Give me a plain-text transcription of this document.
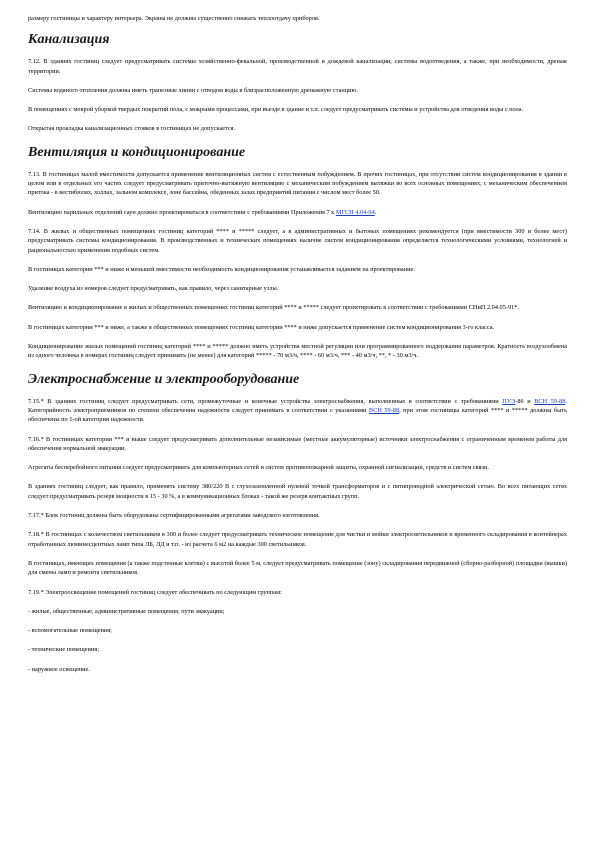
размеру гостиницы и характеру интерьера. Экраны не должны существенно снижать теплоотдачу приборов.

Канализация

7.12. В зданиях гостиниц следует предусматривать системы хозяйственно-фекальной, производственной и дождевой канализации, системы водоотведения, а также, при необходимости, дренаж территории.

Системы водяного отопления должны иметь трапезные линии с отводом воды в близрасположенную дренажную станцию.

В помещениях с мокрой уборкой твердых покрытий пола, с мокрыми процессами, при въезде в здание и т.п. следует предусматривать системы и устройства для отведения воды с пола.

Открытая прокладка канализационных стояков в гостиницах не допускается.

Вентиляция и кондиционирование

7.13. В гостиницах малой вместимости допускается применение вентиляционных систем с естественным побуждением. В прочих гостиницах, при отсутствии систем кондиционирования в здании в целом или в отдельных его частях следует предусматривать приточно-вытяжную вентиляцию с механическим побуждением вытяжки во всех основных помещениях; с механическим обеспечением притока - в вестибюлях, холлах, зальном комплексе, зоне бассейна, обеденных залах предприятий питания с числом мест более 50.

Вентиляцию парильных отделений саун должно проектироваться в соответствии с требованиями Приложения 7 к МГСН 4.04-94.

7.14. В жилых и общественных помещениях гостиниц категорий **** и ***** следует, а в административных и бытовых помещениях рекомендуется (при вместимости 300 и более мест) предусматривать системы кондиционирования. В производственных и технических помещениях наличие систем кондиционирования определяется технологическими условиями, технологией и рациональностью применения подобных систем.

В гостиницах категории *** и ниже и меньшей вместимости необходимость кондиционирования устанавливается заданием на проектирование.

Удаление воздуха из номеров следует предусматривать, как правило, через санитарные узлы.

Вентиляцию и кондиционирование в жилых и общественных помещениях гостиниц категорий **** и ***** следует проектировать в соответствии с требованиями СНиП 2.04.05-91*.

В гостиницах категории *** и ниже, а также в общественных помещениях гостиниц категории **** и ниже допускается применение систем кондиционирования 3-го класса.

Кондиционирование жилых помещений гостиниц категорий **** и ***** должно иметь устройства местной регуляции или программированного поддержания параметров. Кратность воздухообмена из одного человека в номерах гостиниц следует принимать (не менее) для категорий ***** - 70 м3/ч, **** - 60 м3/ч, *** - 40 м3/ч, **, * - 30 м3/ч.

Электроснабжение и электрооборудование

7.15.* В зданиях гостиниц следует предусматривать сети, промежуточные и конечные устройства электроснабжения, выполненные в соответствии с требованиями ПУЭ-86 и ВСН 59-88. Категорийность электроприемников по степени обеспечения надежности следует принимать в соответствии с указаниями ВСН 59-88, при этом гостиницы категорий **** и ***** должны быть обеспечены по 1-ой категории надежности.

7.16.* В гостиницах категории *** и выше следует предусматривать дополнительные независимые (местные аккумуляторные) источники электроснабжения с ограниченным временем работы для обеспечения нормальной эвакуации.

Агрегаты бесперебойного питания следует предусматривать для компьютерных сетей и систем противопожарной защиты, охранной сигнализации, средств и систем связи.

В зданиях гостиниц следует, как правило, применять систему 380/220 В с глухозаземленной нулевой точкой трансформаторов и с пятипроводной электрической сетью. Во всех питающих сетях следует предусматривать резерв мощности в 15 - 30 %, а в коммуникационных блоках - такой же резерв контактных групп.

7.17.* Блок гостиниц должны быть оборудованы сертифицированными агрегатами заводского изготовления.

7.18.* В гостиницах с количеством светильников в 300 и более следует предусматривать техническое помещение для чистки и мойки электросветильников и временного складирования в контейнерах отработанных люминесцентных ламп типа ЛБ, ЛД и т.п. - из расчета 6 м2 на каждые 300 светильников.

В гостиницах, имеющих помещения (а также подстенные клетки) с высотой более 5 м, следует предусматривать помещение (зону) складирования передвижной (сборно-разборной) площадки (вышки) для смены ламп и ремонта светильников.

7.19.* Электроосвещение помещений гостиниц следует обеспечивать по следующим группам:

- жилые, общественные, административные помещения, пути эвакуации;

- вспомогательные помещения;

- технические помещения;

- наружное освещение.
